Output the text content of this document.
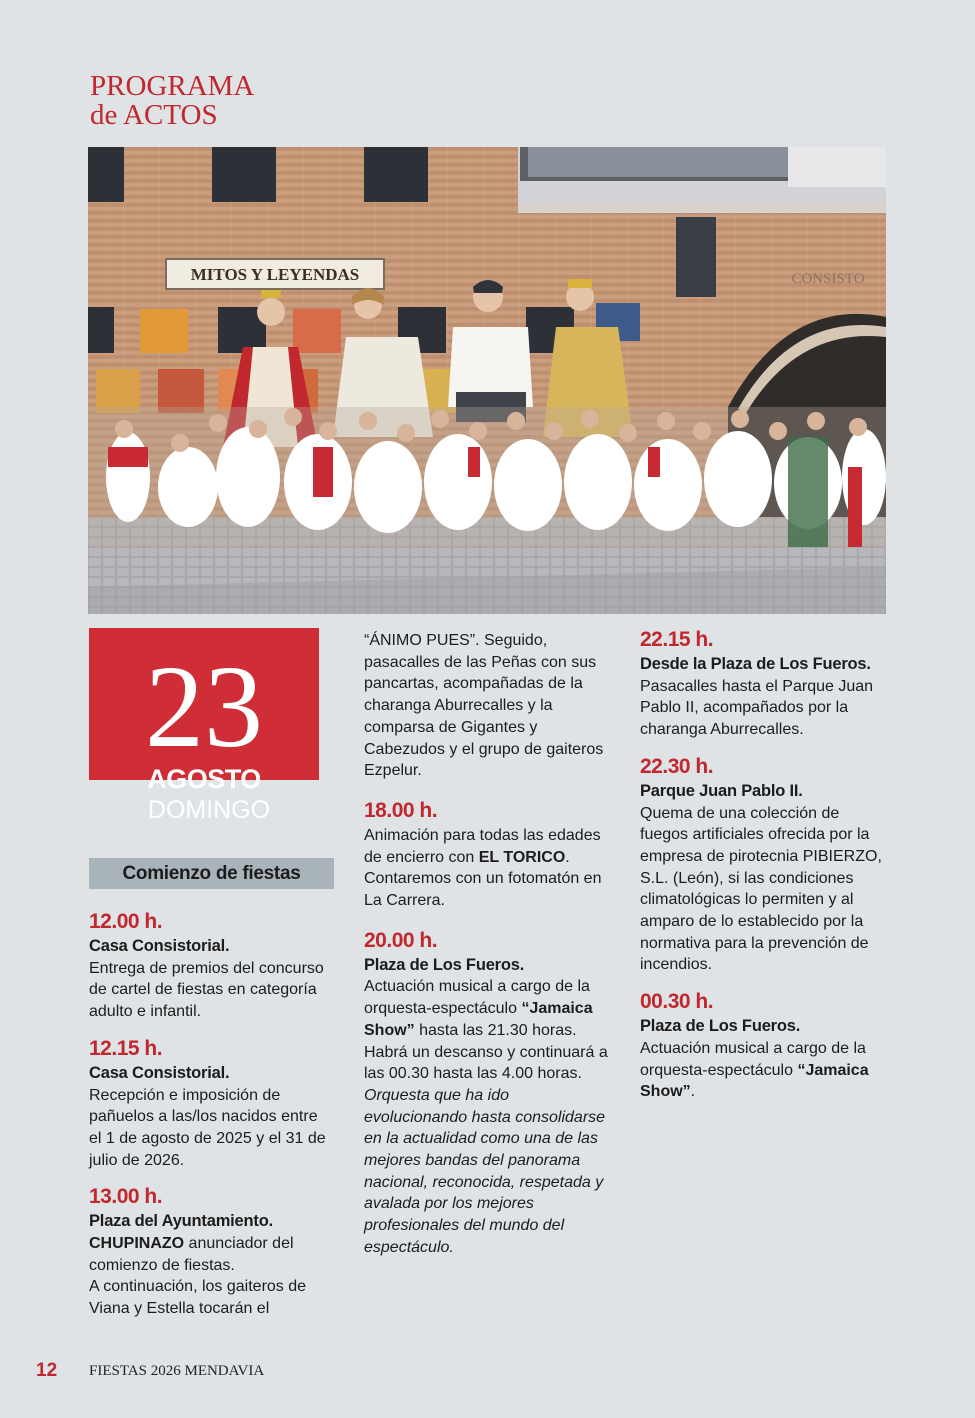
PROGRAMA
de ACTOS
MITOS Y LEYENDAS	CONSISTO
23
AGOSTO
DOMINGO
Comienzo de fiestas
12.00 h.
Casa Consistorial.
Entrega de premios del concurso de cartel de fiestas en categoría adulto e infantil.
12.15 h.
Casa Consistorial.
Recepción e imposición de pañuelos a las/los nacidos entre el 1 de agosto de 2025 y el 31 de julio de 2026.
13.00 h.
Plaza del Ayuntamiento.
CHUPINAZO anunciador del comienzo de fiestas.
A continuación, los gaiteros de Viana y Estella tocarán el
“ÁNIMO PUES”. Seguido, pasacalles de las Peñas con sus pancartas, acompañadas de la charanga Aburrecalles y la comparsa de Gigantes y Cabezudos y el grupo de gaiteros Ezpelur.
18.00 h.
Animación para todas las edades de encierro con EL TORICO. Contaremos con un fotomatón en La Carrera.
20.00 h.
Plaza de Los Fueros.
Actuación musical a cargo de la orquesta-espectáculo “Jamaica Show” hasta las 21.30 horas.
Habrá un descanso y continuará a las 00.30 hasta las 4.00 horas.
Orquesta que ha ido evolucionando hasta consolidarse en la actualidad como una de las mejores bandas del panorama nacional, reconocida, respetada y avalada por los mejores profesionales del mundo del espectáculo.
22.15 h.
Desde la Plaza de Los Fueros.
Pasacalles hasta el Parque Juan Pablo II, acompañados por la charanga Aburrecalles.
22.30 h.
Parque Juan Pablo II.
Quema de una colección de fuegos artificiales ofrecida por la empresa de pirotecnia PIBIERZO, S.L. (León), si las condiciones climatológicas lo permiten y al amparo de lo establecido por la normativa para la prevención de incendios.
00.30 h.
Plaza de Los Fueros.
Actuación musical a cargo de la orquesta-espectáculo “Jamaica Show”.
12 FIESTAS 2026 MENDAVIA
